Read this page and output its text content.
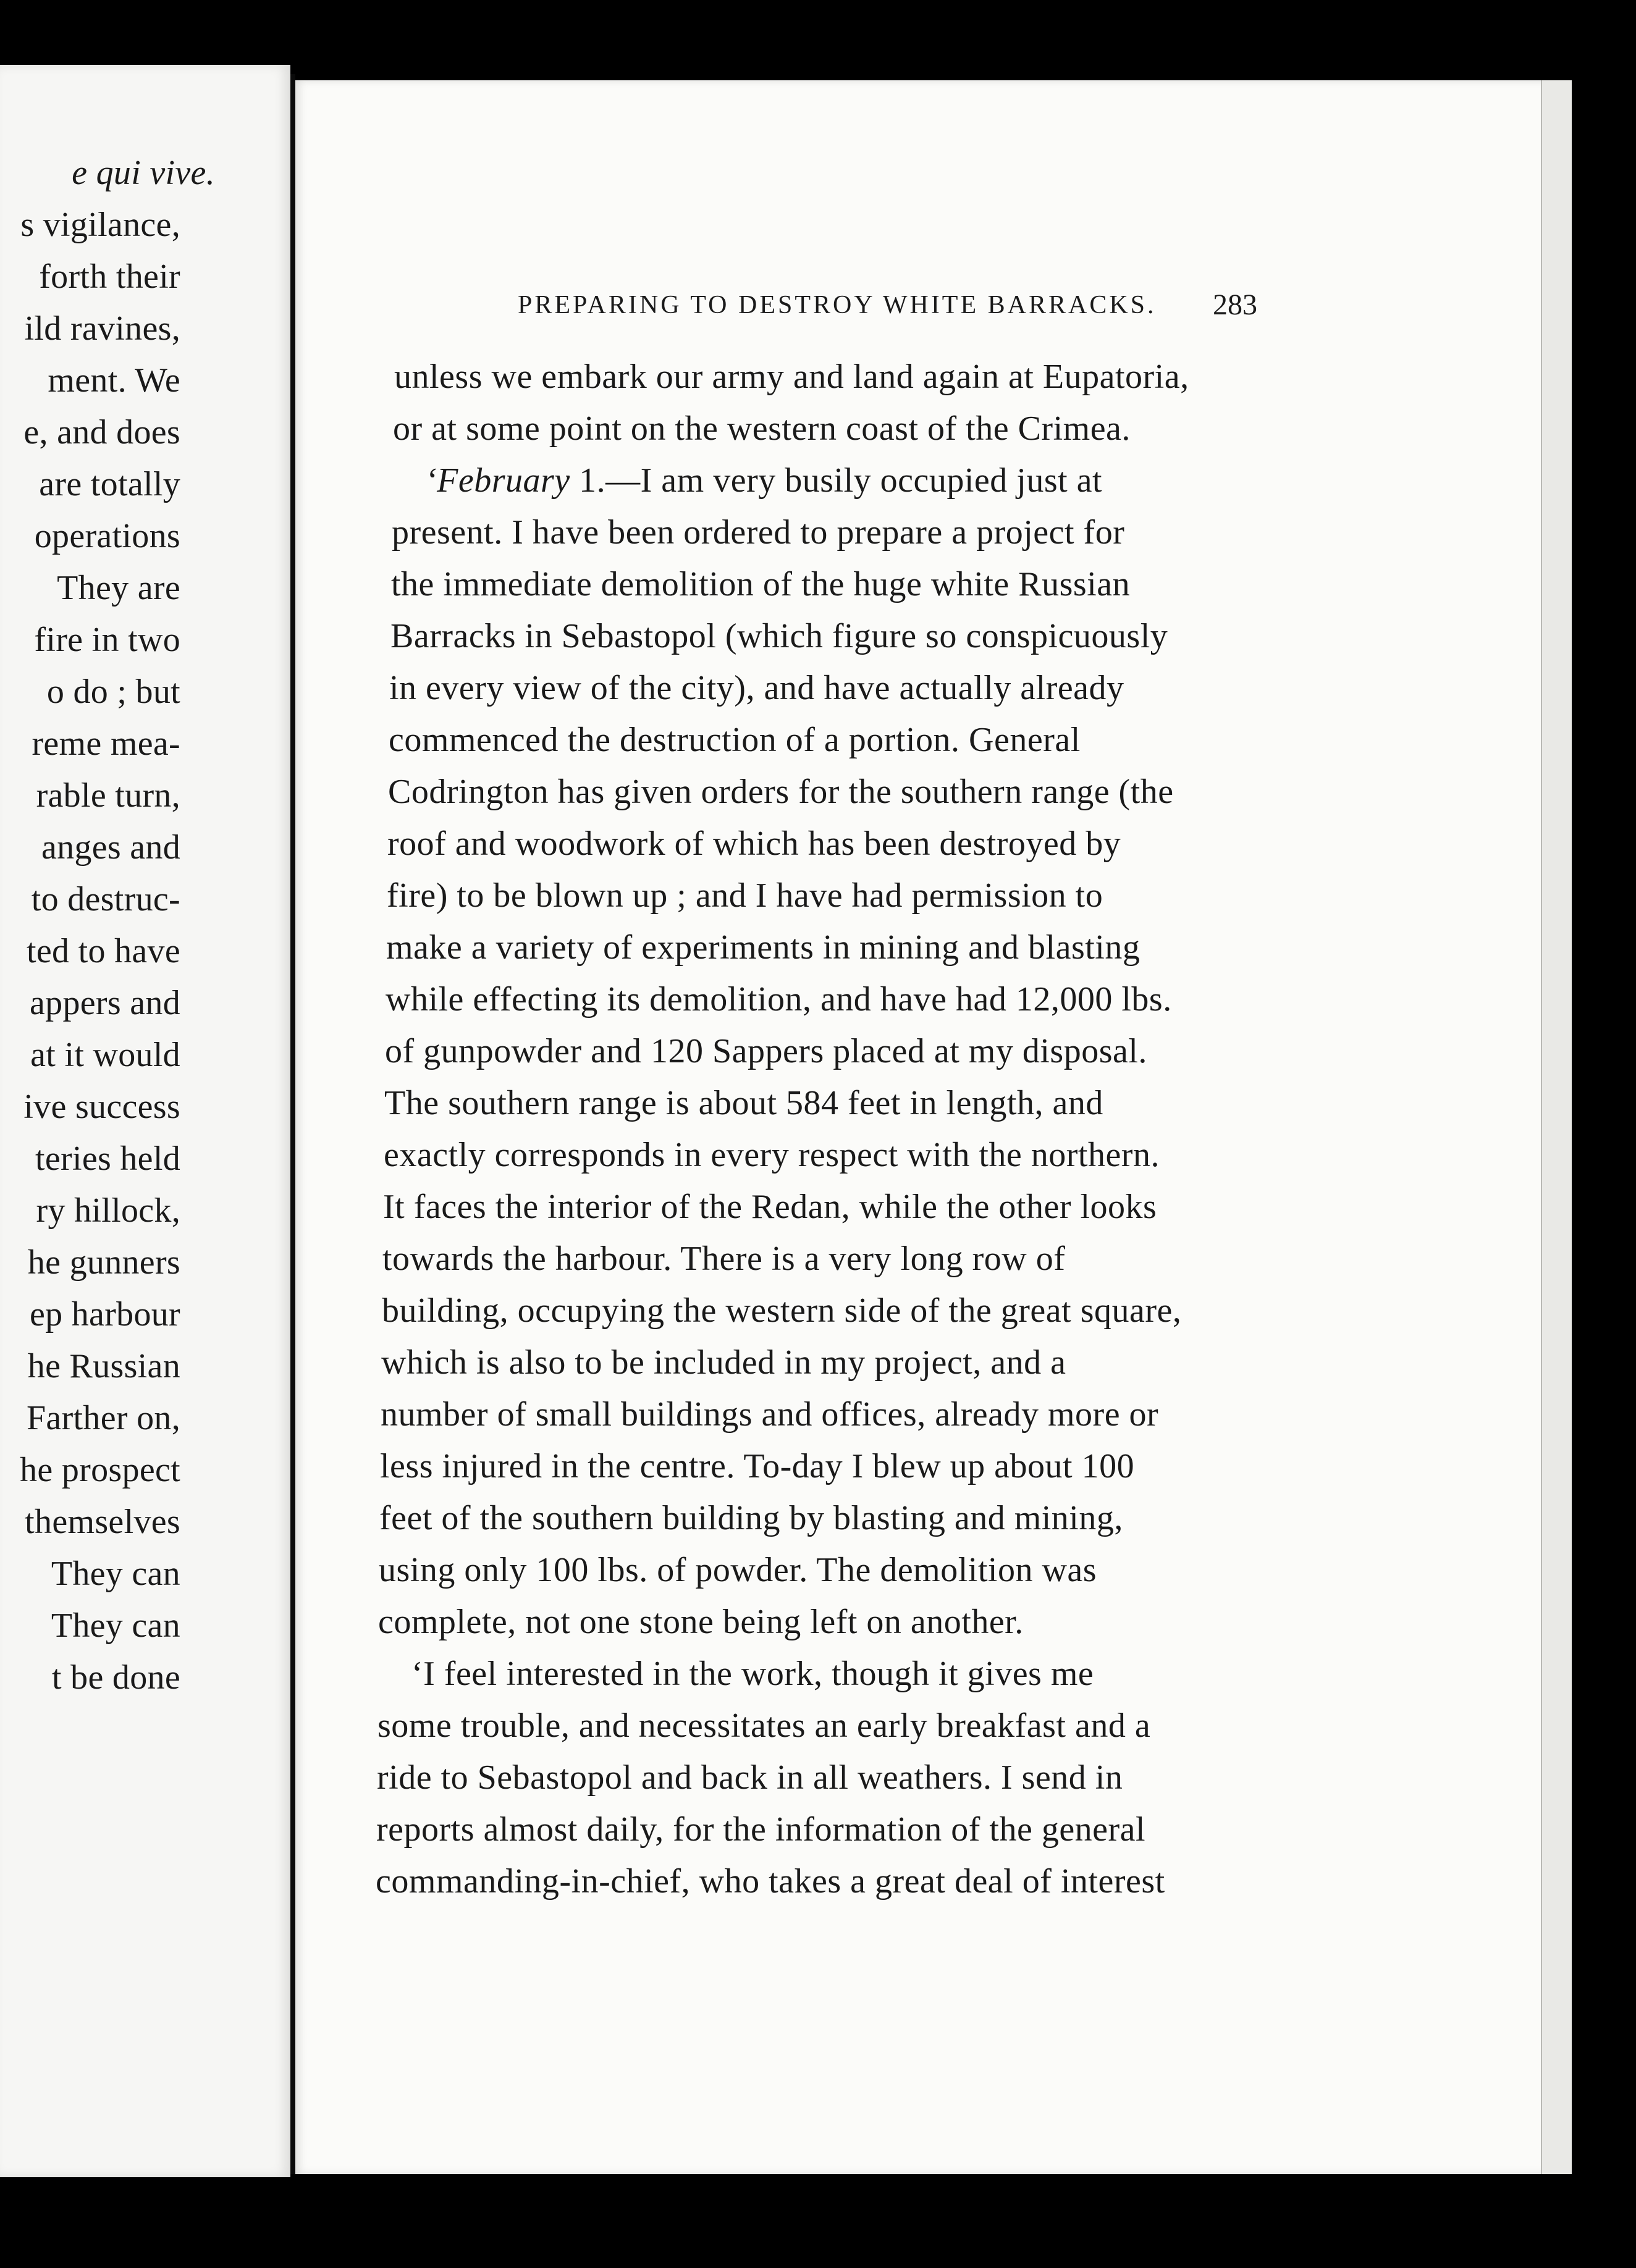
e qui vive.
s vigilance,
forth their
ild ravines,
ment. We
e, and does
are totally
operations
They are
fire in two
o do ; but
reme mea-
rable turn,
anges and
to destruc-
ted to have
appers and
at it would
ive success
teries held
ry hillock,
he gunners
ep harbour
he Russian
Farther on,
he prospect
themselves
They can
They can
t be done
PREPARING TO DESTROY WHITE BARRACKS. 283
unless we embark our army and land again at Eupatoria,
or at some point on the western coast of the Crimea.
‘February 1.—I am very busily occupied just at
present. I have been ordered to prepare a project for
the immediate demolition of the huge white Russian
Barracks in Sebastopol (which figure so conspicuously
in every view of the city), and have actually already
commenced the destruction of a portion. General
Codrington has given orders for the southern range (the
roof and woodwork of which has been destroyed by
fire) to be blown up ; and I have had permission to
make a variety of experiments in mining and blasting
while effecting its demolition, and have had 12,000 lbs.
of gunpowder and 120 Sappers placed at my disposal.
The southern range is about 584 feet in length, and
exactly corresponds in every respect with the northern.
It faces the interior of the Redan, while the other looks
towards the harbour. There is a very long row of
building, occupying the western side of the great square,
which is also to be included in my project, and a
number of small buildings and offices, already more or
less injured in the centre. To-day I blew up about 100
feet of the southern building by blasting and mining,
using only 100 lbs. of powder. The demolition was
complete, not one stone being left on another.
‘I feel interested in the work, though it gives me
some trouble, and necessitates an early breakfast and a
ride to Sebastopol and back in all weathers. I send in
reports almost daily, for the information of the general
commanding-in-chief, who takes a great deal of interest
